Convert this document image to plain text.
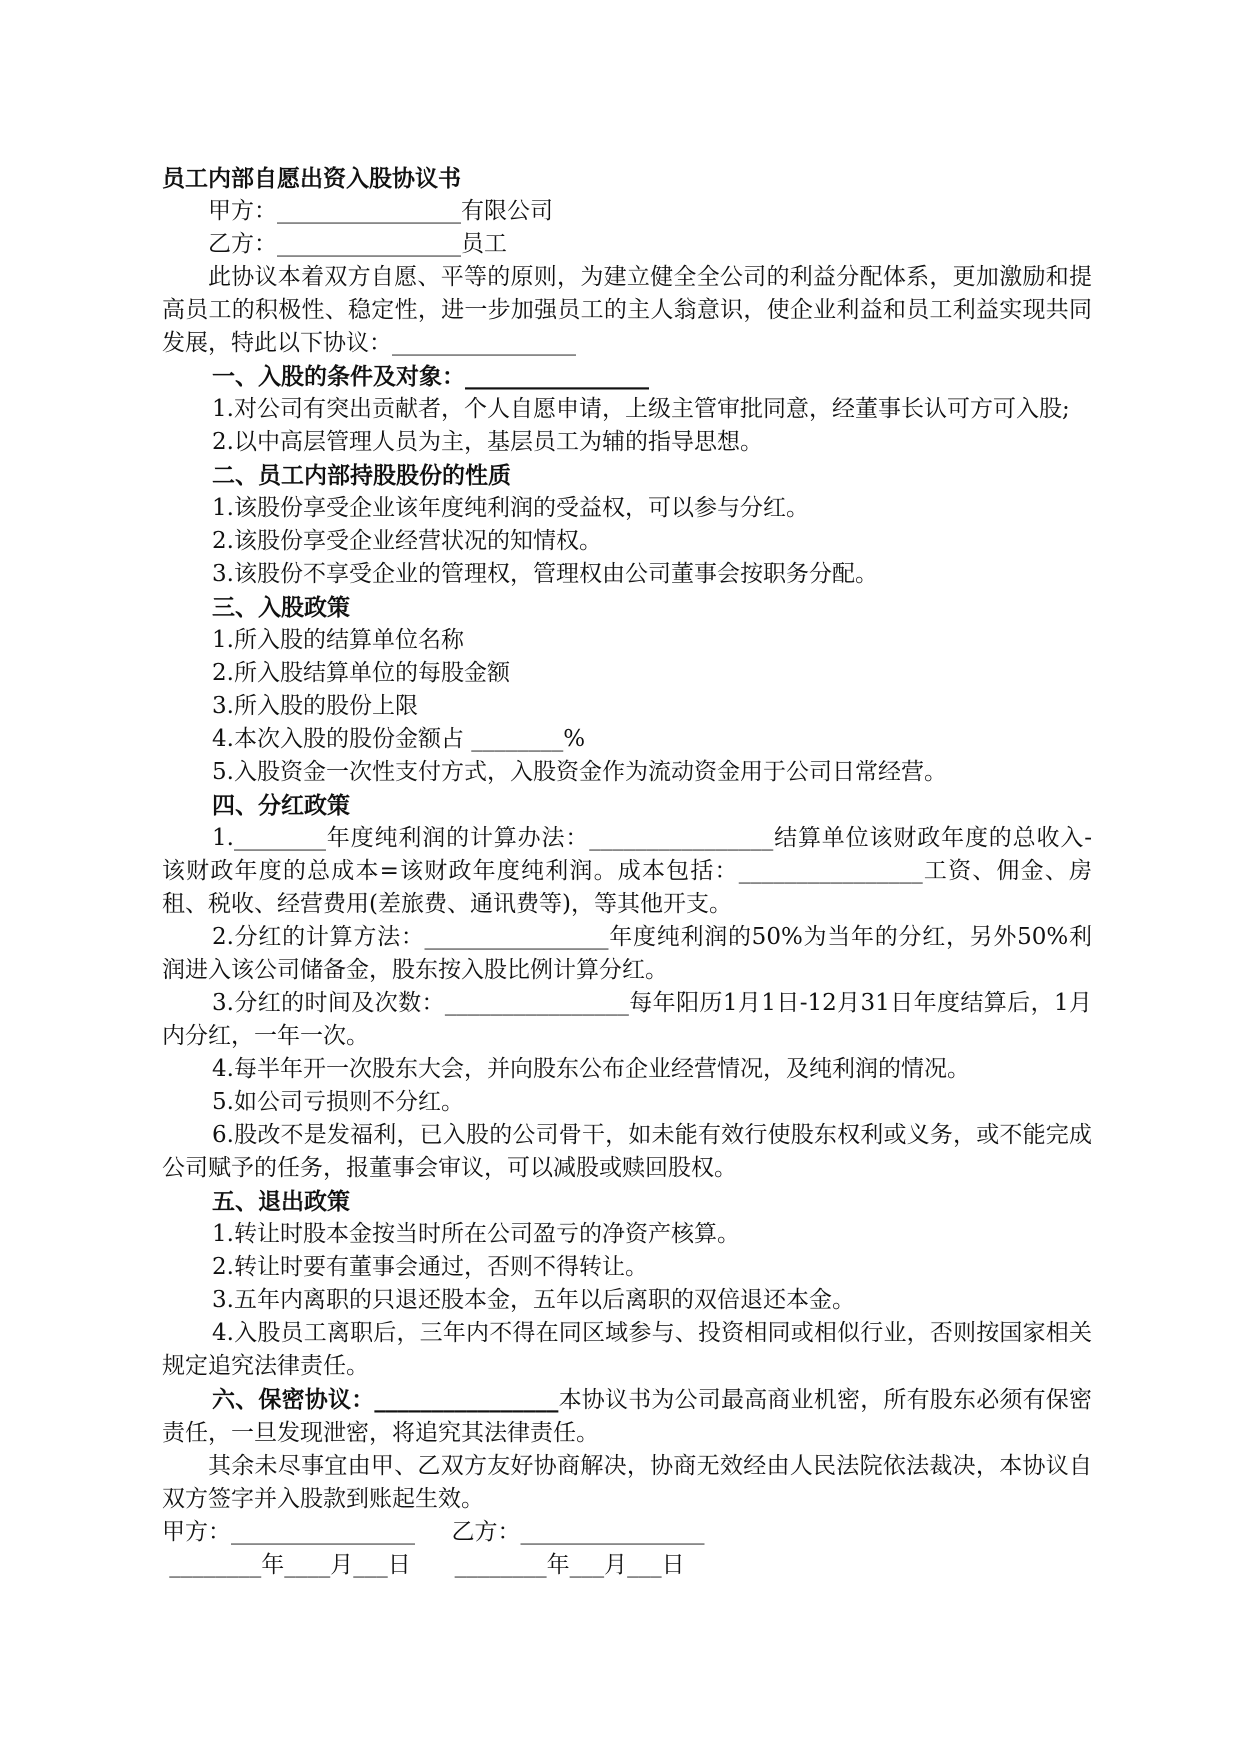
员工内部自愿出资入股协议书

甲方：________________有限公司

乙方：________________员工

此协议本着双方自愿、平等的原则，为建立健全全公司的利益分配体系，更加激励和提高员工的积极性、稳定性，进一步加强员工的主人翁意识，使企业利益和员工利益实现共同发展，特此以下协议：________________

一、入股的条件及对象：________________

1.对公司有突出贡献者，个人自愿申请，上级主管审批同意，经董事长认可方可入股;

2.以中高层管理人员为主，基层员工为辅的指导思想。

二、员工内部持股股份的性质

1.该股份享受企业该年度纯利润的受益权，可以参与分红。

2.该股份享受企业经营状况的知情权。

3.该股份不享受企业的管理权，管理权由公司董事会按职务分配。

三、入股政策

1.所入股的结算单位名称

2.所入股结算单位的每股金额

3.所入股的股份上限

4.本次入股的股份金额占 ________%

5.入股资金一次性支付方式，入股资金作为流动资金用于公司日常经营。

四、分红政策

1.________年度纯利润的计算办法：________________结算单位该财政年度的总收入-该财政年度的总成本=该财政年度纯利润。成本包括：________________工资、佣金、房租、税收、经营费用(差旅费、通讯费等)，等其他开支。

2.分红的计算方法：________________年度纯利润的50%为当年的分红，另外50%利润进入该公司储备金，股东按入股比例计算分红。

3.分红的时间及次数：________________每年阳历1月1日-12月31日年度结算后，1月内分红，一年一次。

4.每半年开一次股东大会，并向股东公布企业经营情况，及纯利润的情况。

5.如公司亏损则不分红。

6.股改不是发福利，已入股的公司骨干，如未能有效行使股东权利或义务，或不能完成公司赋予的任务，报董事会审议，可以减股或赎回股权。

五、退出政策

1.转让时股本金按当时所在公司盈亏的净资产核算。

2.转让时要有董事会通过，否则不得转让。

3.五年内离职的只退还股本金，五年以后离职的双倍退还本金。

4.入股员工离职后，三年内不得在同区域参与、投资相同或相似行业，否则按国家相关规定追究法律责任。

六、保密协议：________________本协议书为公司最高商业机密，所有股东必须有保密责任，一旦发现泄密，将追究其法律责任。

其余未尽事宜由甲、乙双方友好协商解决，协商无效经由人民法院依法裁决，本协议自双方签字并入股款到账起生效。

甲方：________________     乙方：________________

________年____月___日      ________年___月___日
